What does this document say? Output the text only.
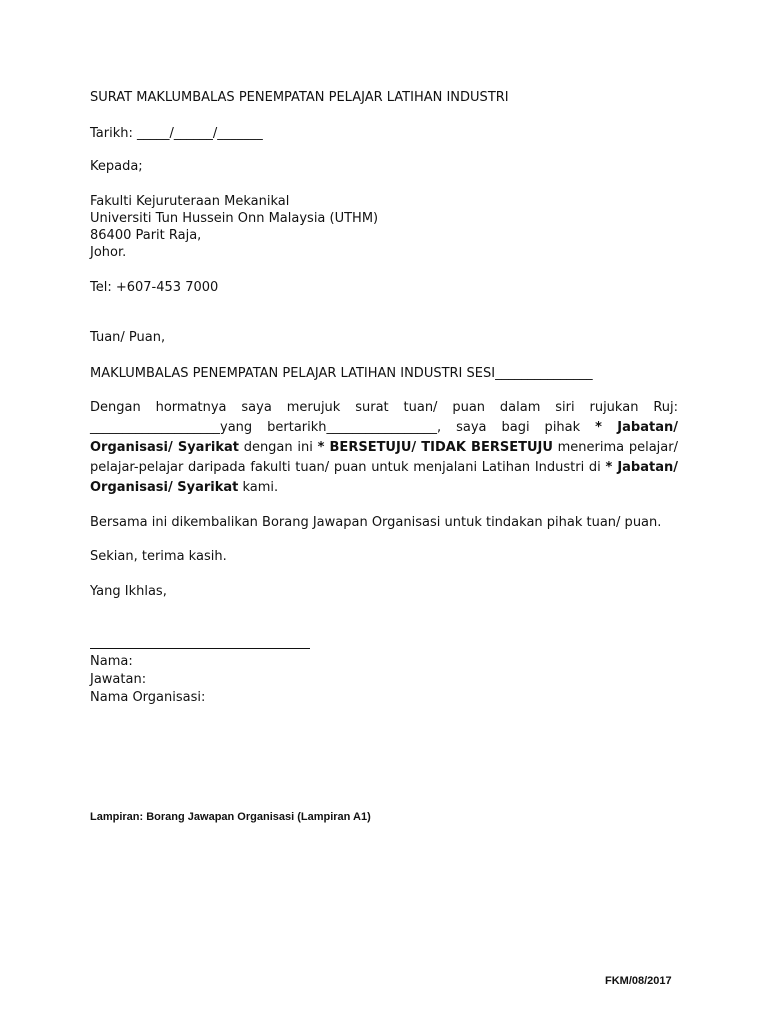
SURAT MAKLUMBALAS PENEMPATAN PELAJAR LATIHAN INDUSTRI
Tarikh: _____/______/_______
Kepada;
Fakulti Kejuruteraan Mekanikal
Universiti Tun Hussein Onn Malaysia (UTHM)
86400 Parit Raja,
Johor.
Tel: +607-453 7000
Tuan/ Puan,
MAKLUMBALAS PENEMPATAN PELAJAR LATIHAN INDUSTRI SESI_______________
Dengan hormatnya saya merujuk surat tuan/ puan dalam siri rujukan Ruj: ____________________yang bertarikh_________________, saya bagi pihak * Jabatan/ Organisasi/ Syarikat dengan ini * BERSETUJU/ TIDAK BERSETUJU menerima pelajar/ pelajar-pelajar daripada fakulti tuan/ puan untuk menjalani Latihan Industri di * Jabatan/ Organisasi/ Syarikat kami.
Bersama ini dikembalikan Borang Jawapan Organisasi untuk tindakan pihak tuan/ puan.
Sekian, terima kasih.
Yang Ikhlas,
Nama:
Jawatan:
Nama Organisasi:
Lampiran: Borang Jawapan Organisasi (Lampiran A1)
FKM/08/2017
